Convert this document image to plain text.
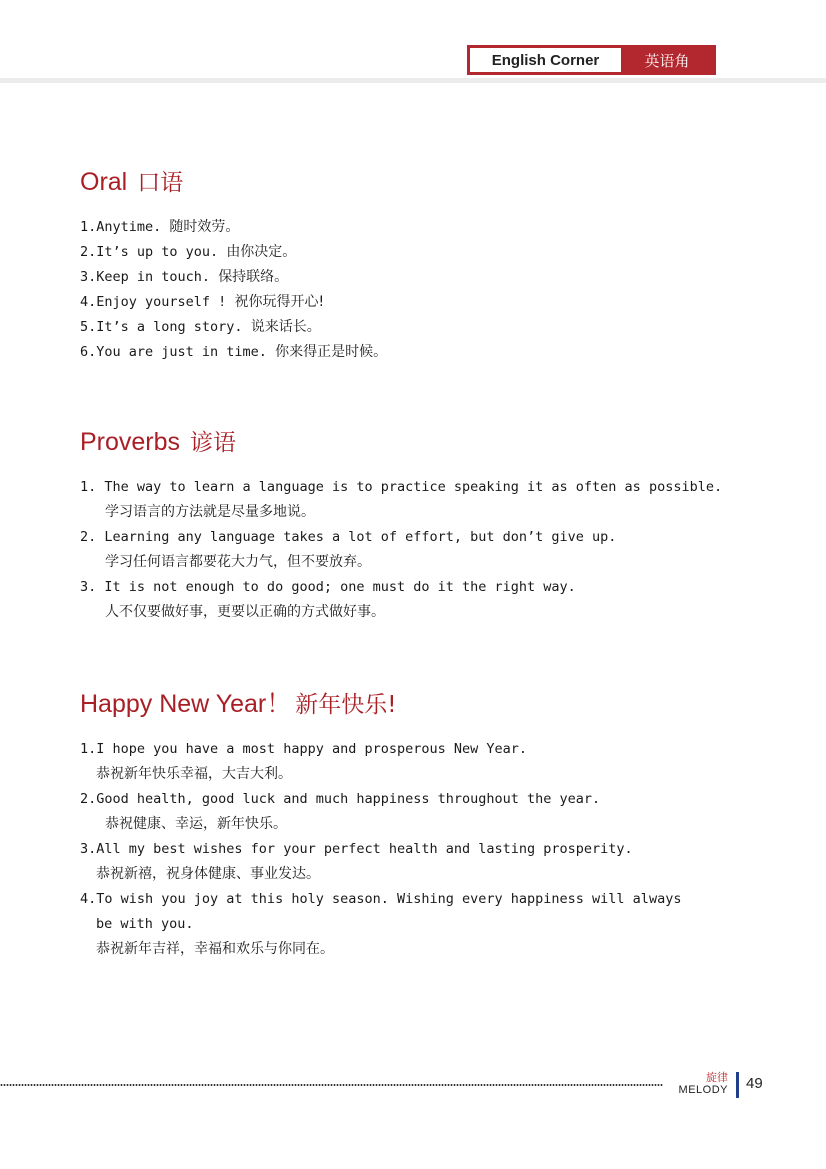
English Corner	英语角
Oral 口语
1.Anytime. 随时效劳。
2.It’s up to you. 由你决定。
3.Keep in touch. 保持联络。
4.Enjoy yourself ! 祝你玩得开心!
5.It’s a long story. 说来话长。
6.You are just in time. 你来得正是时候。
Proverbs 谚语
1. The way to learn a language is to practice speaking it as often as possible.
学习语言的方法就是尽量多地说。
2. Learning any language takes a lot of effort, but don’t give up.
学习任何语言都要花大力气，但不要放弃。
3. It is not enough to do good; one must do it the right way.
人不仅要做好事，更要以正确的方式做好事。
Happy New Year！ 新年快乐!
1.I hope you have a most happy and prosperous New Year.
恭祝新年快乐幸福，大吉大利。
2.Good health, good luck and much happiness throughout the year.
恭祝健康、幸运，新年快乐。
3.All my best wishes for your perfect health and lasting prosperity.
恭祝新禧，祝身体健康、事业发达。
4.To wish you joy at this holy season. Wishing every happiness will always
be with you.
恭祝新年吉祥，幸福和欢乐与你同在。
旋律
MELODY 49
